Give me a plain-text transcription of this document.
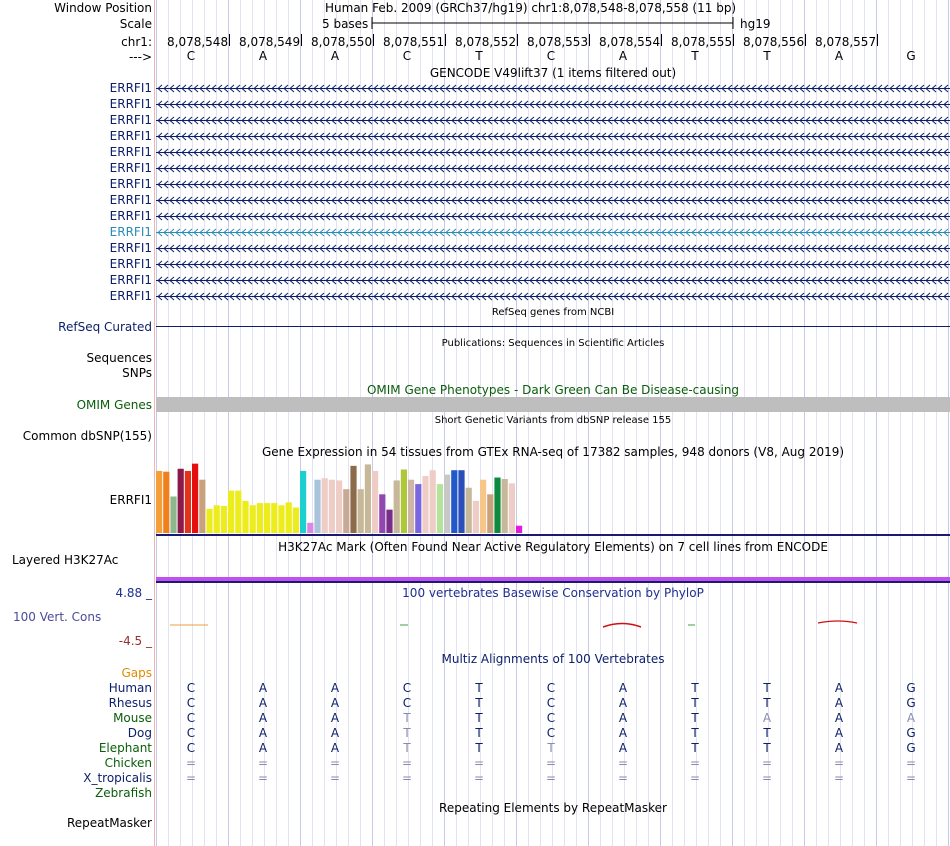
Window Position	Human Feb. 2009 (GRCh37/hg19) chr1:8,078,548-8,078,558 (11 bp)
Scale	5 bases	hg19
chr1: 8,078,548 8,078,549 8,078,550 8,078,551 8,078,552 8,078,553 8,078,554 8,078,555 8,078,556 8,078,557
--->	C	A	A	C	T	C	A	T	T	A	G
GENCODE V49lift37 (1 items filtered out)
ERRFI1
ERRFI1
ERRFI1
ERRFI1
ERRFI1
ERRFI1
ERRFI1
ERRFI1
ERRFI1
ERRFI1
ERRFI1
ERRFI1
ERRFI1
ERRFI1
RefSeq genes from NCBI
RefSeq Curated
Publications: Sequences in Scientific Articles
Sequences
SNPs
OMIM Gene Phenotypes - Dark Green Can Be Disease-causing
OMIM Genes
Short Genetic Variants from dbSNP release 155
Common dbSNP(155)
Gene Expression in 54 tissues from GTEx RNA-seq of 17382 samples, 948 donors (V8, Aug 2019)
ERRFI1
H3K27Ac Mark (Often Found Near Active Regulatory Elements) on 7 cell lines from ENCODE
Layered H3K27Ac
100 vertebrates Basewise Conservation by PhyloP
4.88 _
100 Vert. Cons
-4.5 _
Multiz Alignments of 100 Vertebrates
Gaps
Human	C	A	A	C	T	C	A	T	T	A	G
Rhesus	C	A	A	C	T	C	A	T	T	A	G
Mouse	C	A	A	T	T	C	A	T	A	A	A
Dog	C	A	A	T	T	C	A	T	T	A	G
Elephant	C	A	A	T	T	T	A	T	T	A	G
Chicken	=	=	=	=	=	=	=	=	=	=	=
X_tropicalis	=	=	=	=	=	=	=	=	=	=	=
Zebrafish
Repeating Elements by RepeatMasker
RepeatMasker
